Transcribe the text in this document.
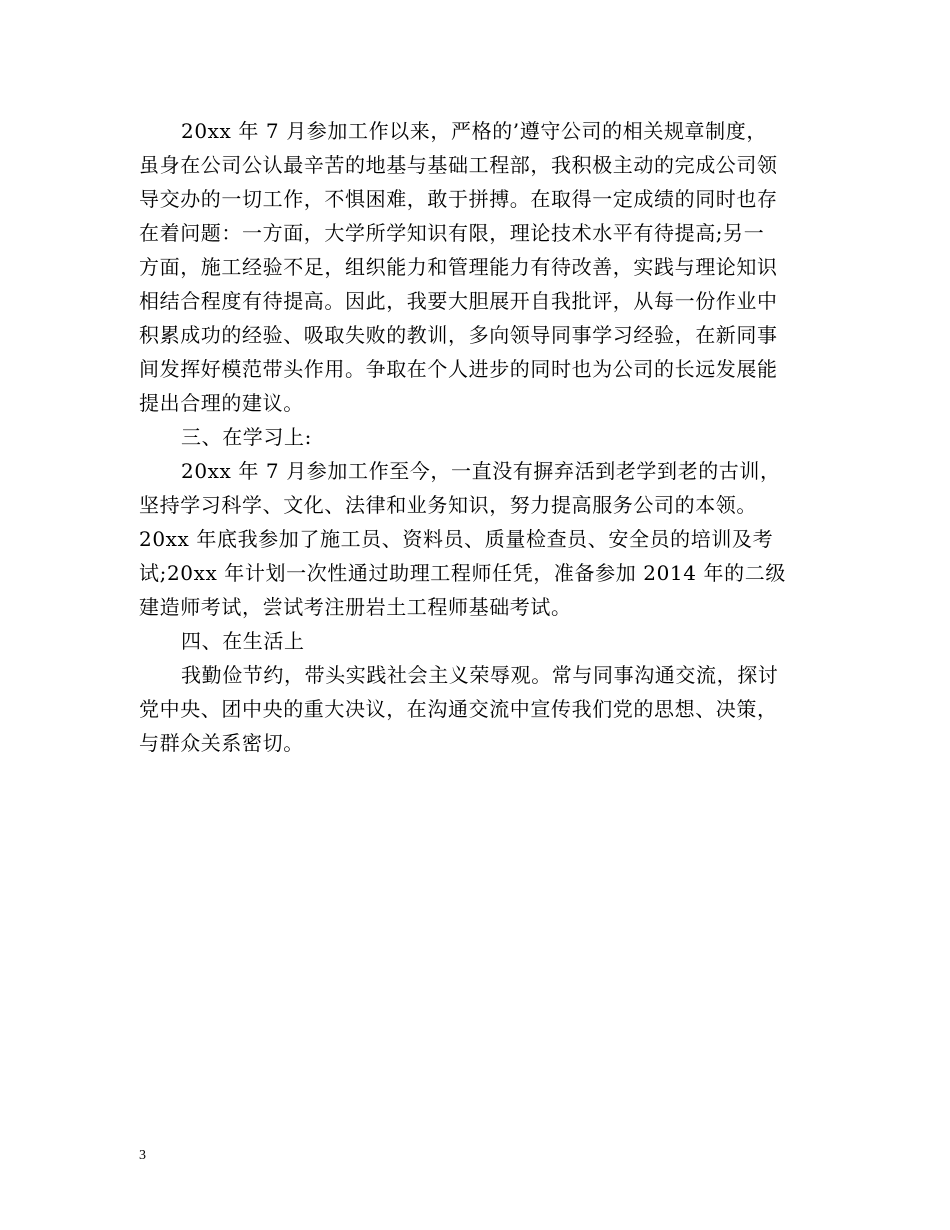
20xx 年 7 月参加工作以来，严格的’遵守公司的相关规章制度，
虽身在公司公认最辛苦的地基与基础工程部，我积极主动的完成公司领
导交办的一切工作，不惧困难，敢于拼搏。在取得一定成绩的同时也存
在着问题：一方面，大学所学知识有限，理论技术水平有待提高;另一
方面，施工经验不足，组织能力和管理能力有待改善，实践与理论知识
相结合程度有待提高。因此，我要大胆展开自我批评，从每一份作业中
积累成功的经验、吸取失败的教训，多向领导同事学习经验，在新同事
间发挥好模范带头作用。争取在个人进步的同时也为公司的长远发展能
提出合理的建议。
三、在学习上:
20xx 年 7 月参加工作至今，一直没有摒弃活到老学到老的古训，
坚持学习科学、文化、法律和业务知识，努力提高服务公司的本领。
20xx 年底我参加了施工员、资料员、质量检查员、安全员的培训及考
试;20xx 年计划一次性通过助理工程师任凭，准备参加 2014 年的二级
建造师考试，尝试考注册岩土工程师基础考试。
四、在生活上
我勤俭节约，带头实践社会主义荣辱观。常与同事沟通交流，探讨
党中央、团中央的重大决议，在沟通交流中宣传我们党的思想、决策，
与群众关系密切。
3
